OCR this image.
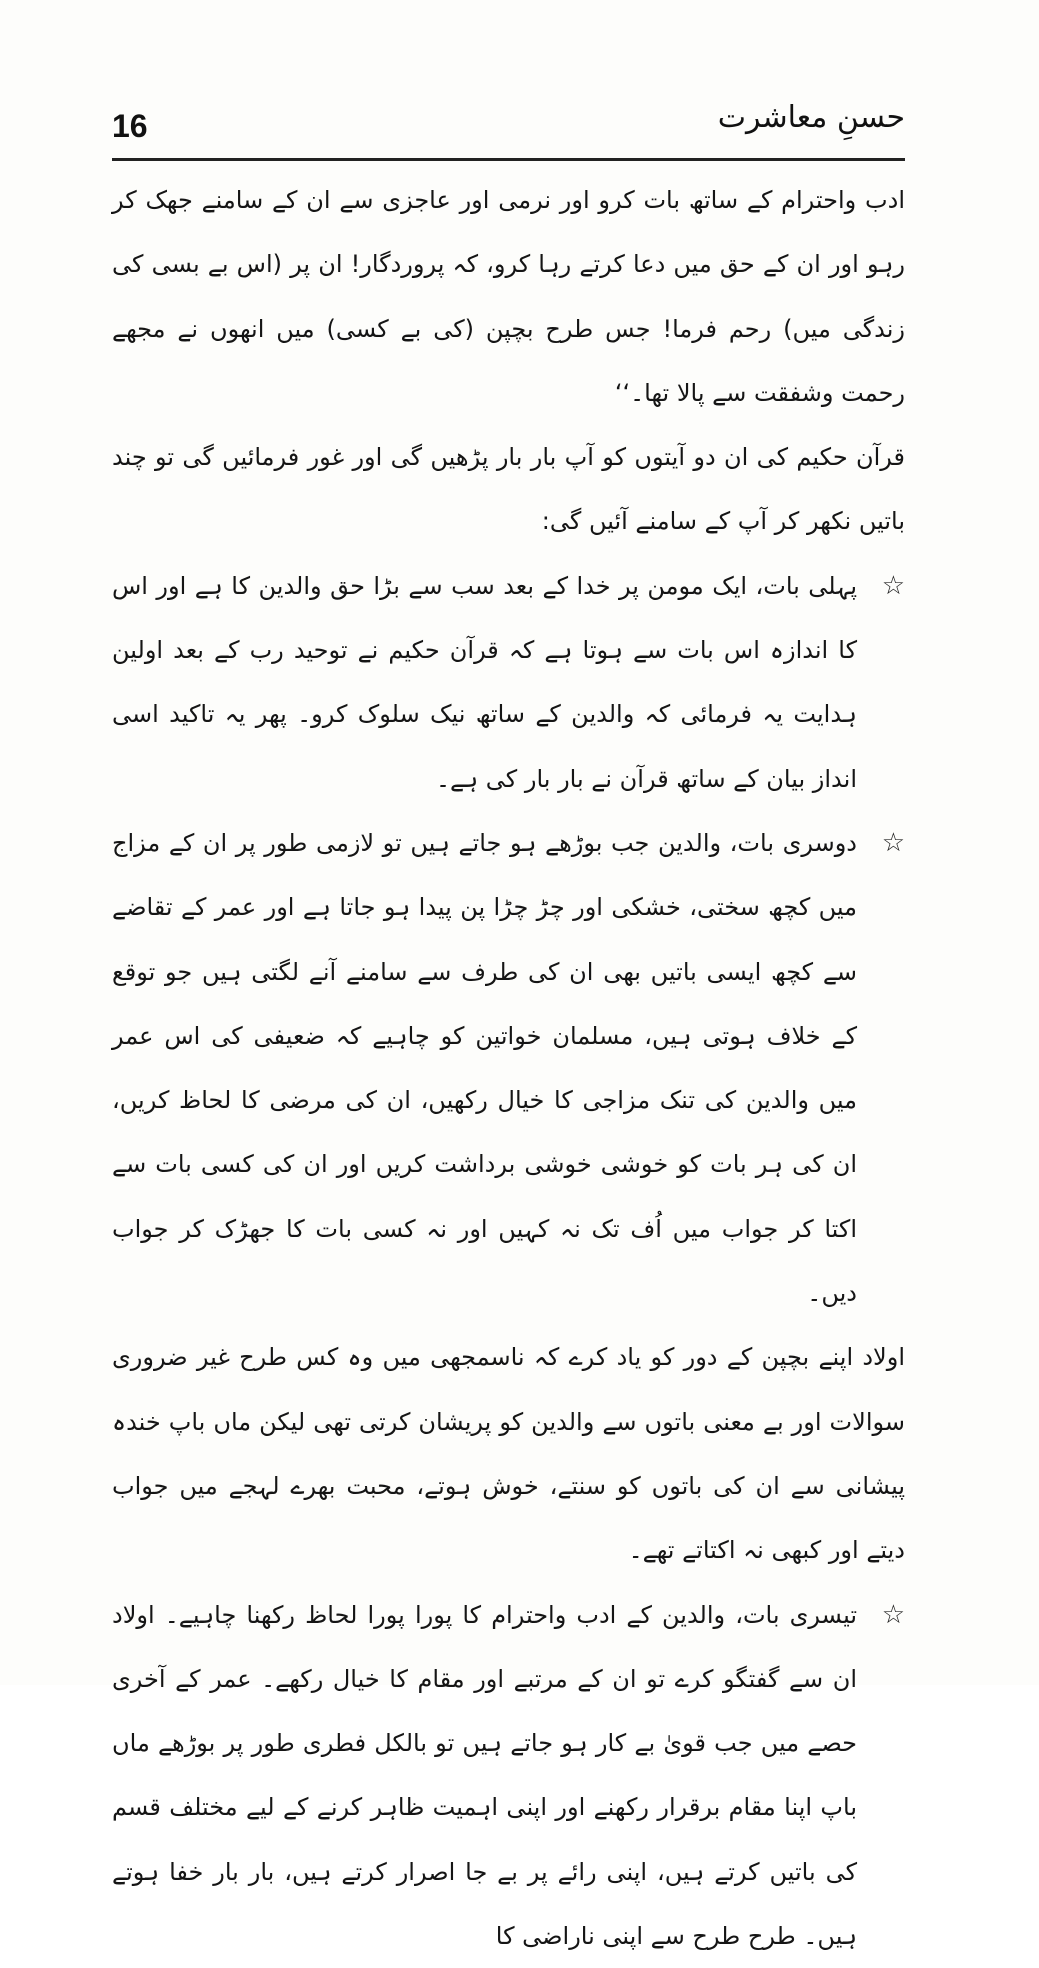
16	حسنِ معاشرت

ادب واحترام کے ساتھ بات کرو اور نرمی اور عاجزی سے ان کے سامنے جھک کر رہو اور ان کے حق میں دعا کرتے رہا کرو، کہ پروردگار! ان پر (اس بے بسی کی زندگی میں) رحم فرما! جس طرح بچپن (کی بے کسی) میں انھوں نے مجھے رحمت وشفقت سے پالا تھا۔‘‘

قرآن حکیم کی ان دو آیتوں کو آپ بار بار پڑھیں گی اور غور فرمائیں گی تو چند باتیں نکھر کر آپ کے سامنے آئیں گی:

☆
پہلی بات، ایک مومن پر خدا کے بعد سب سے بڑا حق والدین کا ہے اور اس کا اندازہ اس بات سے ہوتا ہے کہ قرآن حکیم نے توحید رب کے بعد اولین ہدایت یہ فرمائی کہ والدین کے ساتھ نیک سلوک کرو۔ پھر یہ تاکید اسی انداز بیان کے ساتھ قرآن نے بار بار کی ہے۔
☆
دوسری بات، والدین جب بوڑھے ہو جاتے ہیں تو لازمی طور پر ان کے مزاج میں کچھ سختی، خشکی اور چڑ چڑا پن پیدا ہو جاتا ہے اور عمر کے تقاضے سے کچھ ایسی باتیں بھی ان کی طرف سے سامنے آنے لگتی ہیں جو توقع کے خلاف ہوتی ہیں، مسلمان خواتین کو چاہیے کہ ضعیفی کی اس عمر میں والدین کی تنک مزاجی کا خیال رکھیں، ان کی مرضی کا لحاظ کریں، ان کی ہر بات کو خوشی خوشی برداشت کریں اور ان کی کسی بات سے اکتا کر جواب میں اُف تک نہ کہیں اور نہ کسی بات کا جھڑک کر جواب دیں۔

اولاد اپنے بچپن کے دور کو یاد کرے کہ ناسمجھی میں وہ کس طرح غیر ضروری سوالات اور بے معنی باتوں سے والدین کو پریشان کرتی تھی لیکن ماں باپ خندہ پیشانی سے ان کی باتوں کو سنتے، خوش ہوتے، محبت بھرے لہجے میں جواب دیتے اور کبھی نہ اکتاتے تھے۔

☆
تیسری بات، والدین کے ادب واحترام کا پورا پورا لحاظ رکھنا چاہیے۔ اولاد ان سے گفتگو کرے تو ان کے مرتبے اور مقام کا خیال رکھے۔ عمر کے آخری حصے میں جب قویٰ بے کار ہو جاتے ہیں تو بالکل فطری طور پر بوڑھے ماں باپ اپنا مقام برقرار رکھنے اور اپنی اہمیت ظاہر کرنے کے لیے مختلف قسم کی باتیں کرتے ہیں، اپنی رائے پر بے جا اصرار کرتے ہیں، بار بار خفا ہوتے ہیں۔ طرح طرح سے اپنی ناراضی کا
